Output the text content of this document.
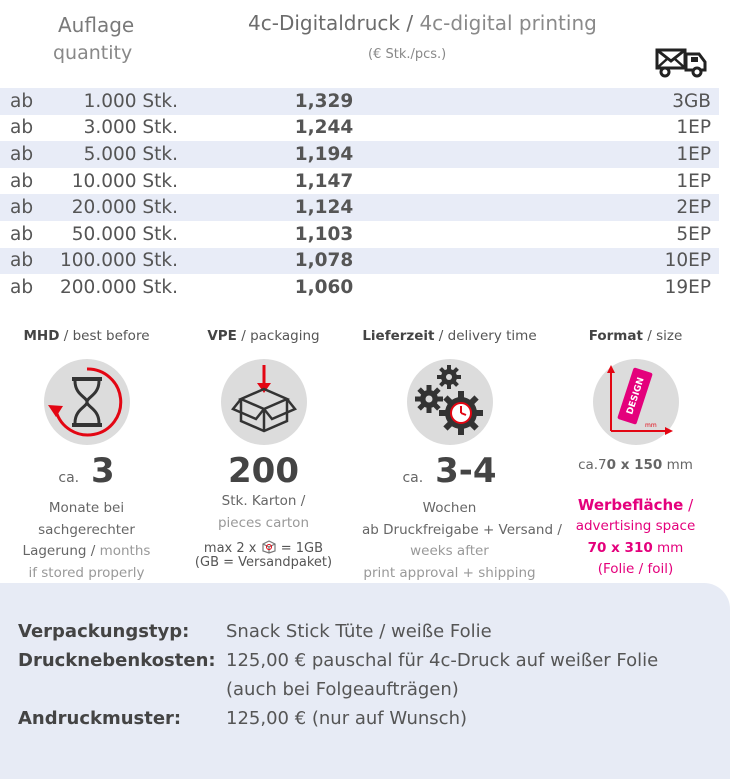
Auflage
quantity
4c-Digitaldruck / 4c-digital printing
(€ Stk./pcs.)
ab	1.000 Stk.	1,329	3GB
ab	3.000 Stk.	1,244	1EP
ab	5.000 Stk.	1,194	1EP
ab	10.000 Stk.	1,147	1EP
ab	20.000 Stk.	1,124	2EP
ab	50.000 Stk.	1,103	5EP
ab	100.000 Stk.	1,078	10EP
ab	200.000 Stk.	1,060	19EP
MHD / best before
ca. 3
Monate bei
sachgerechter
Lagerung / months
if stored properly
VPE / packaging
200
Stk. Karton /
pieces carton
max 2 x = 1GB
(GB = Versandpaket)
Lieferzeit / delivery time
ca. 3-4
Wochen
ab Druckfreigabe + Versand /
weeks after
print approval + shipping
Format / size
DESIGN
mm
ca.70 x 150 mm
Werbefläche /
advertising space
70 x 310 mm
(Folie / foil)
Verpackungstyp: Snack Stick Tüte / weiße Folie
Drucknebenkosten: 125,00 € pauschal für 4c-Druck auf weißer Folie
(auch bei Folgeaufträgen)
Andruckmuster: 125,00 € (nur auf Wunsch)
